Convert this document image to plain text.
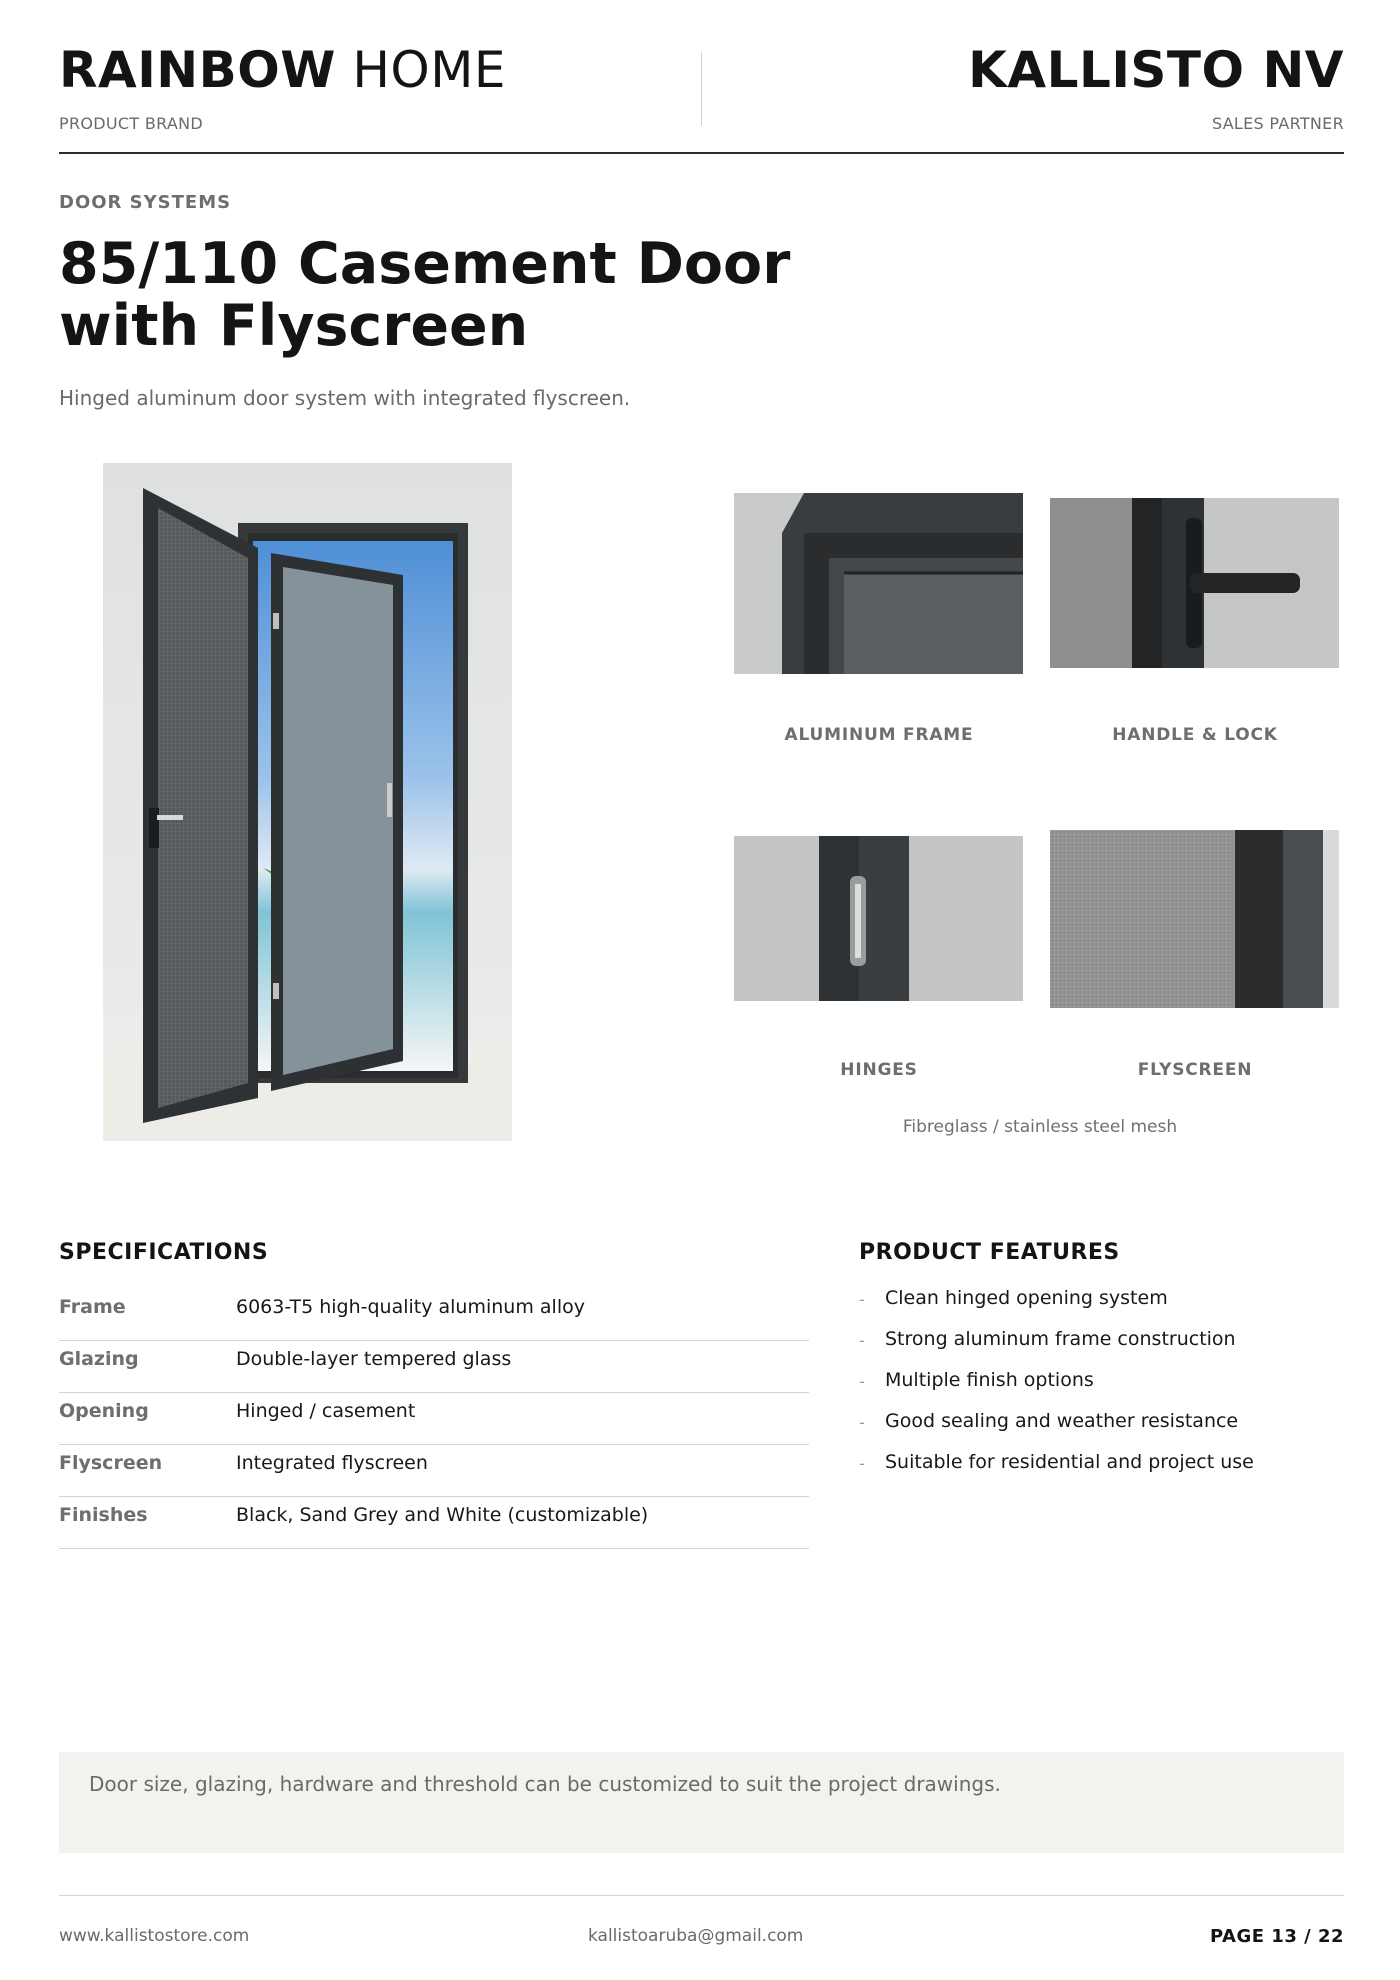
RAINBOW HOME
PRODUCT BRAND
KALLISTO NV
SALES PARTNER
DOOR SYSTEMS
85/110 Casement Door
with Flyscreen
Hinged aluminum door system with integrated flyscreen.
ALUMINUM FRAME	HANDLE & LOCK
HINGES	FLYSCREEN
Fibreglass / stainless steel mesh
SPECIFICATIONS
Frame	6063-T5 high-quality aluminum alloy
Glazing	Double-layer tempered glass
Opening	Hinged / casement
Flyscreen	Integrated flyscreen
Finishes	Black, Sand Grey and White (customizable)
PRODUCT FEATURES
- Clean hinged opening system
- Strong aluminum frame construction
- Multiple finish options
- Good sealing and weather resistance
- Suitable for residential and project use
Door size, glazing, hardware and threshold can be customized to suit the project drawings.
www.kallistostore.com	kallistoaruba@gmail.com	PAGE 13 / 22
